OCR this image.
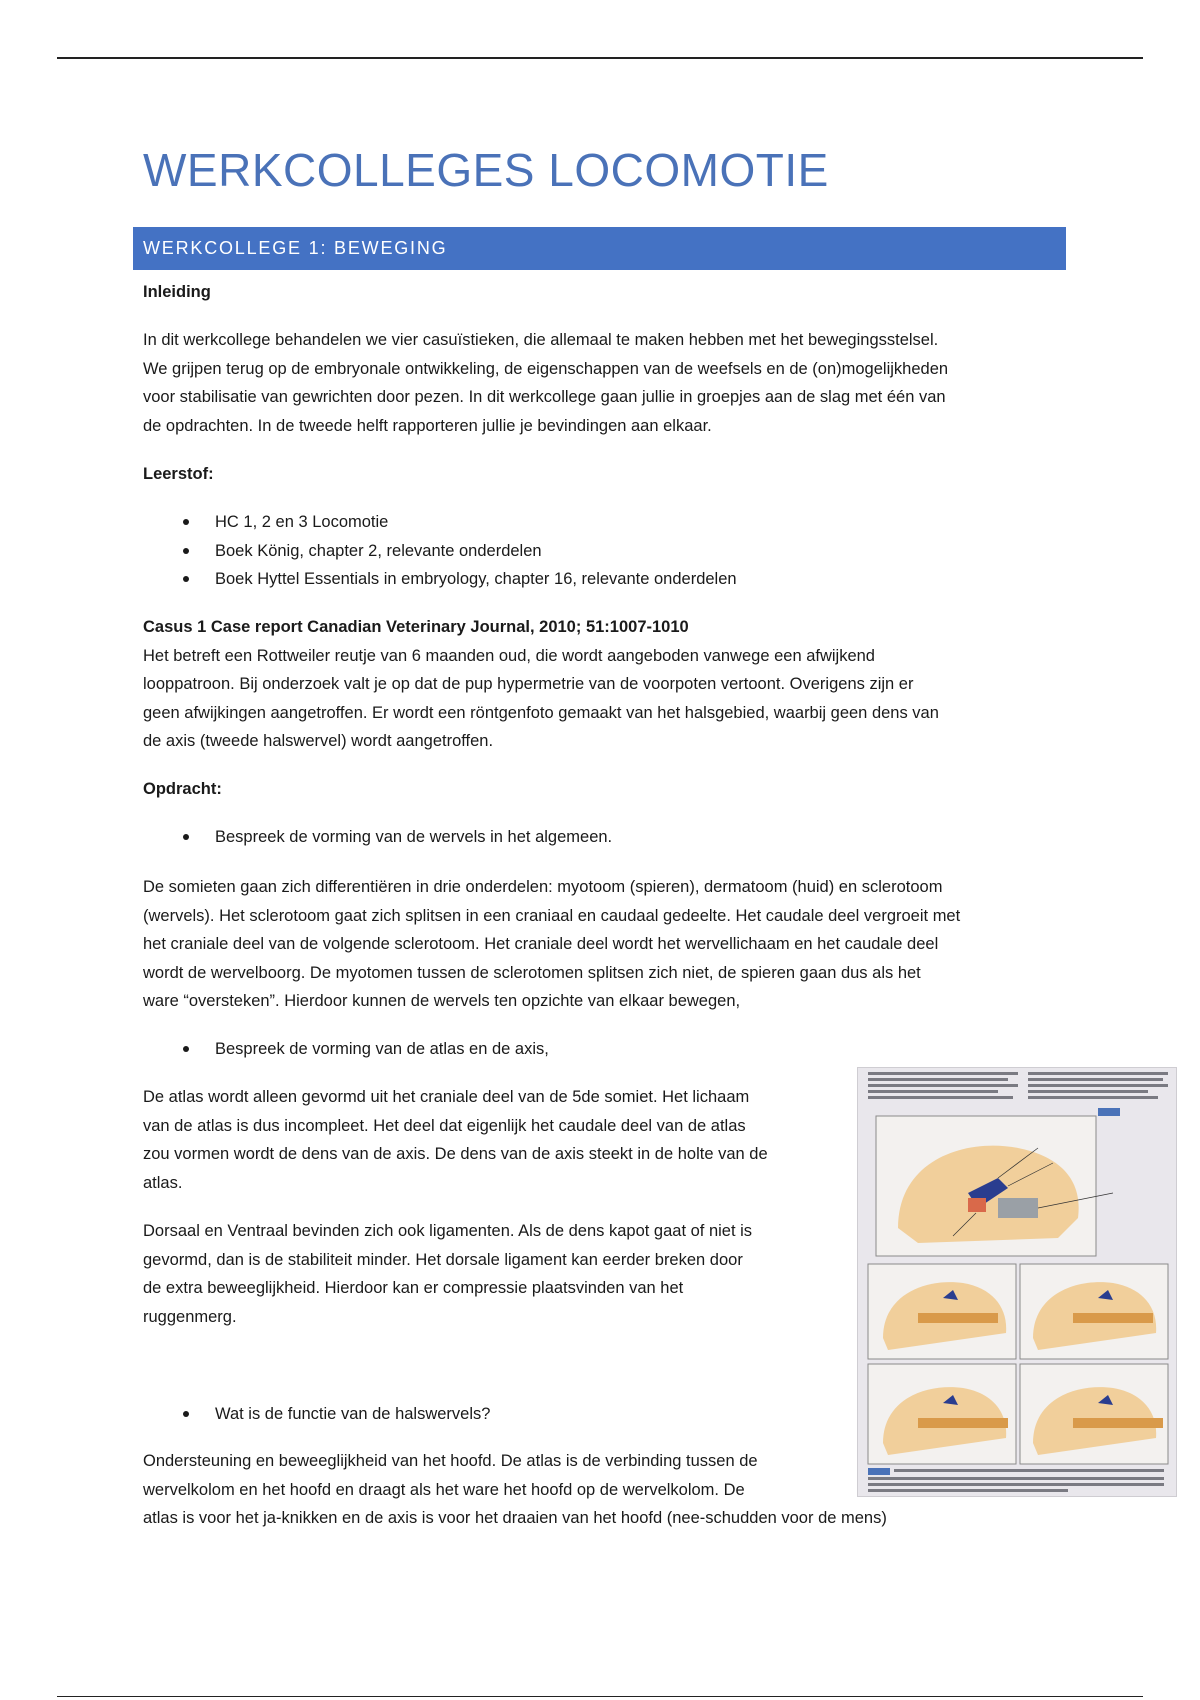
WERKCOLLEGES LOCOMOTIE
WERKCOLLEGE 1: BEWEGING

Inleiding

In dit werkcollege behandelen we vier casuïstieken, die allemaal te maken hebben met het bewegingsstelsel.

We grijpen terug op de embryonale ontwikkeling, de eigenschappen van de weefsels en de (on)mogelijkheden

voor stabilisatie van gewrichten door pezen. In dit werkcollege gaan jullie in groepjes aan de slag met één van

de opdrachten. In de tweede helft rapporteren jullie je bevindingen aan elkaar.

Leerstof:

HC 1, 2 en 3 Locomotie
Boek König, chapter 2, relevante onderdelen
Boek Hyttel Essentials in embryology, chapter 16, relevante onderdelen

Casus 1 Case report Canadian Veterinary Journal, 2010; 51:1007-1010

Het betreft een Rottweiler reutje van 6 maanden oud, die wordt aangeboden vanwege een afwijkend

looppatroon. Bij onderzoek valt je op dat de pup hypermetrie van de voorpoten vertoont. Overigens zijn er

geen afwijkingen aangetroffen. Er wordt een röntgenfoto gemaakt van het halsgebied, waarbij geen dens van

de axis (tweede halswervel) wordt aangetroffen.

Opdracht:

Bespreek de vorming van de wervels in het algemeen.

De somieten gaan zich differentiëren in drie onderdelen: myotoom (spieren), dermatoom (huid) en sclerotoom

(wervels). Het sclerotoom gaat zich splitsen in een craniaal en caudaal gedeelte. Het caudale deel vergroeit met

het craniale deel van de volgende sclerotoom. Het craniale deel wordt het wervellichaam en het caudale deel

wordt de wervelboorg. De myotomen tussen de sclerotomen splitsen zich niet, de spieren gaan dus als het

ware “oversteken”. Hierdoor kunnen de wervels ten opzichte van elkaar bewegen,

Bespreek de vorming van de atlas en de axis,

De atlas wordt alleen gevormd uit het craniale deel van de 5de somiet. Het lichaam

van de atlas is dus incompleet. Het deel dat eigenlijk het caudale deel van de atlas

zou vormen wordt de dens van de axis. De dens van de axis steekt in de holte van de

atlas.

Dorsaal en Ventraal bevinden zich ook ligamenten. Als de dens kapot gaat of niet is

gevormd, dan is de stabiliteit minder. Het dorsale ligament kan eerder breken door

de extra beweeglijkheid. Hierdoor kan er compressie plaatsvinden van het

ruggenmerg.

Wat is de functie van de halswervels?

Ondersteuning en beweeglijkheid van het hoofd. De atlas is de verbinding tussen de

wervelkolom en het hoofd en draagt als het ware het hoofd op de wervelkolom. De

atlas is voor het ja-knikken en de axis is voor het draaien van het hoofd (nee-schudden voor de mens)
